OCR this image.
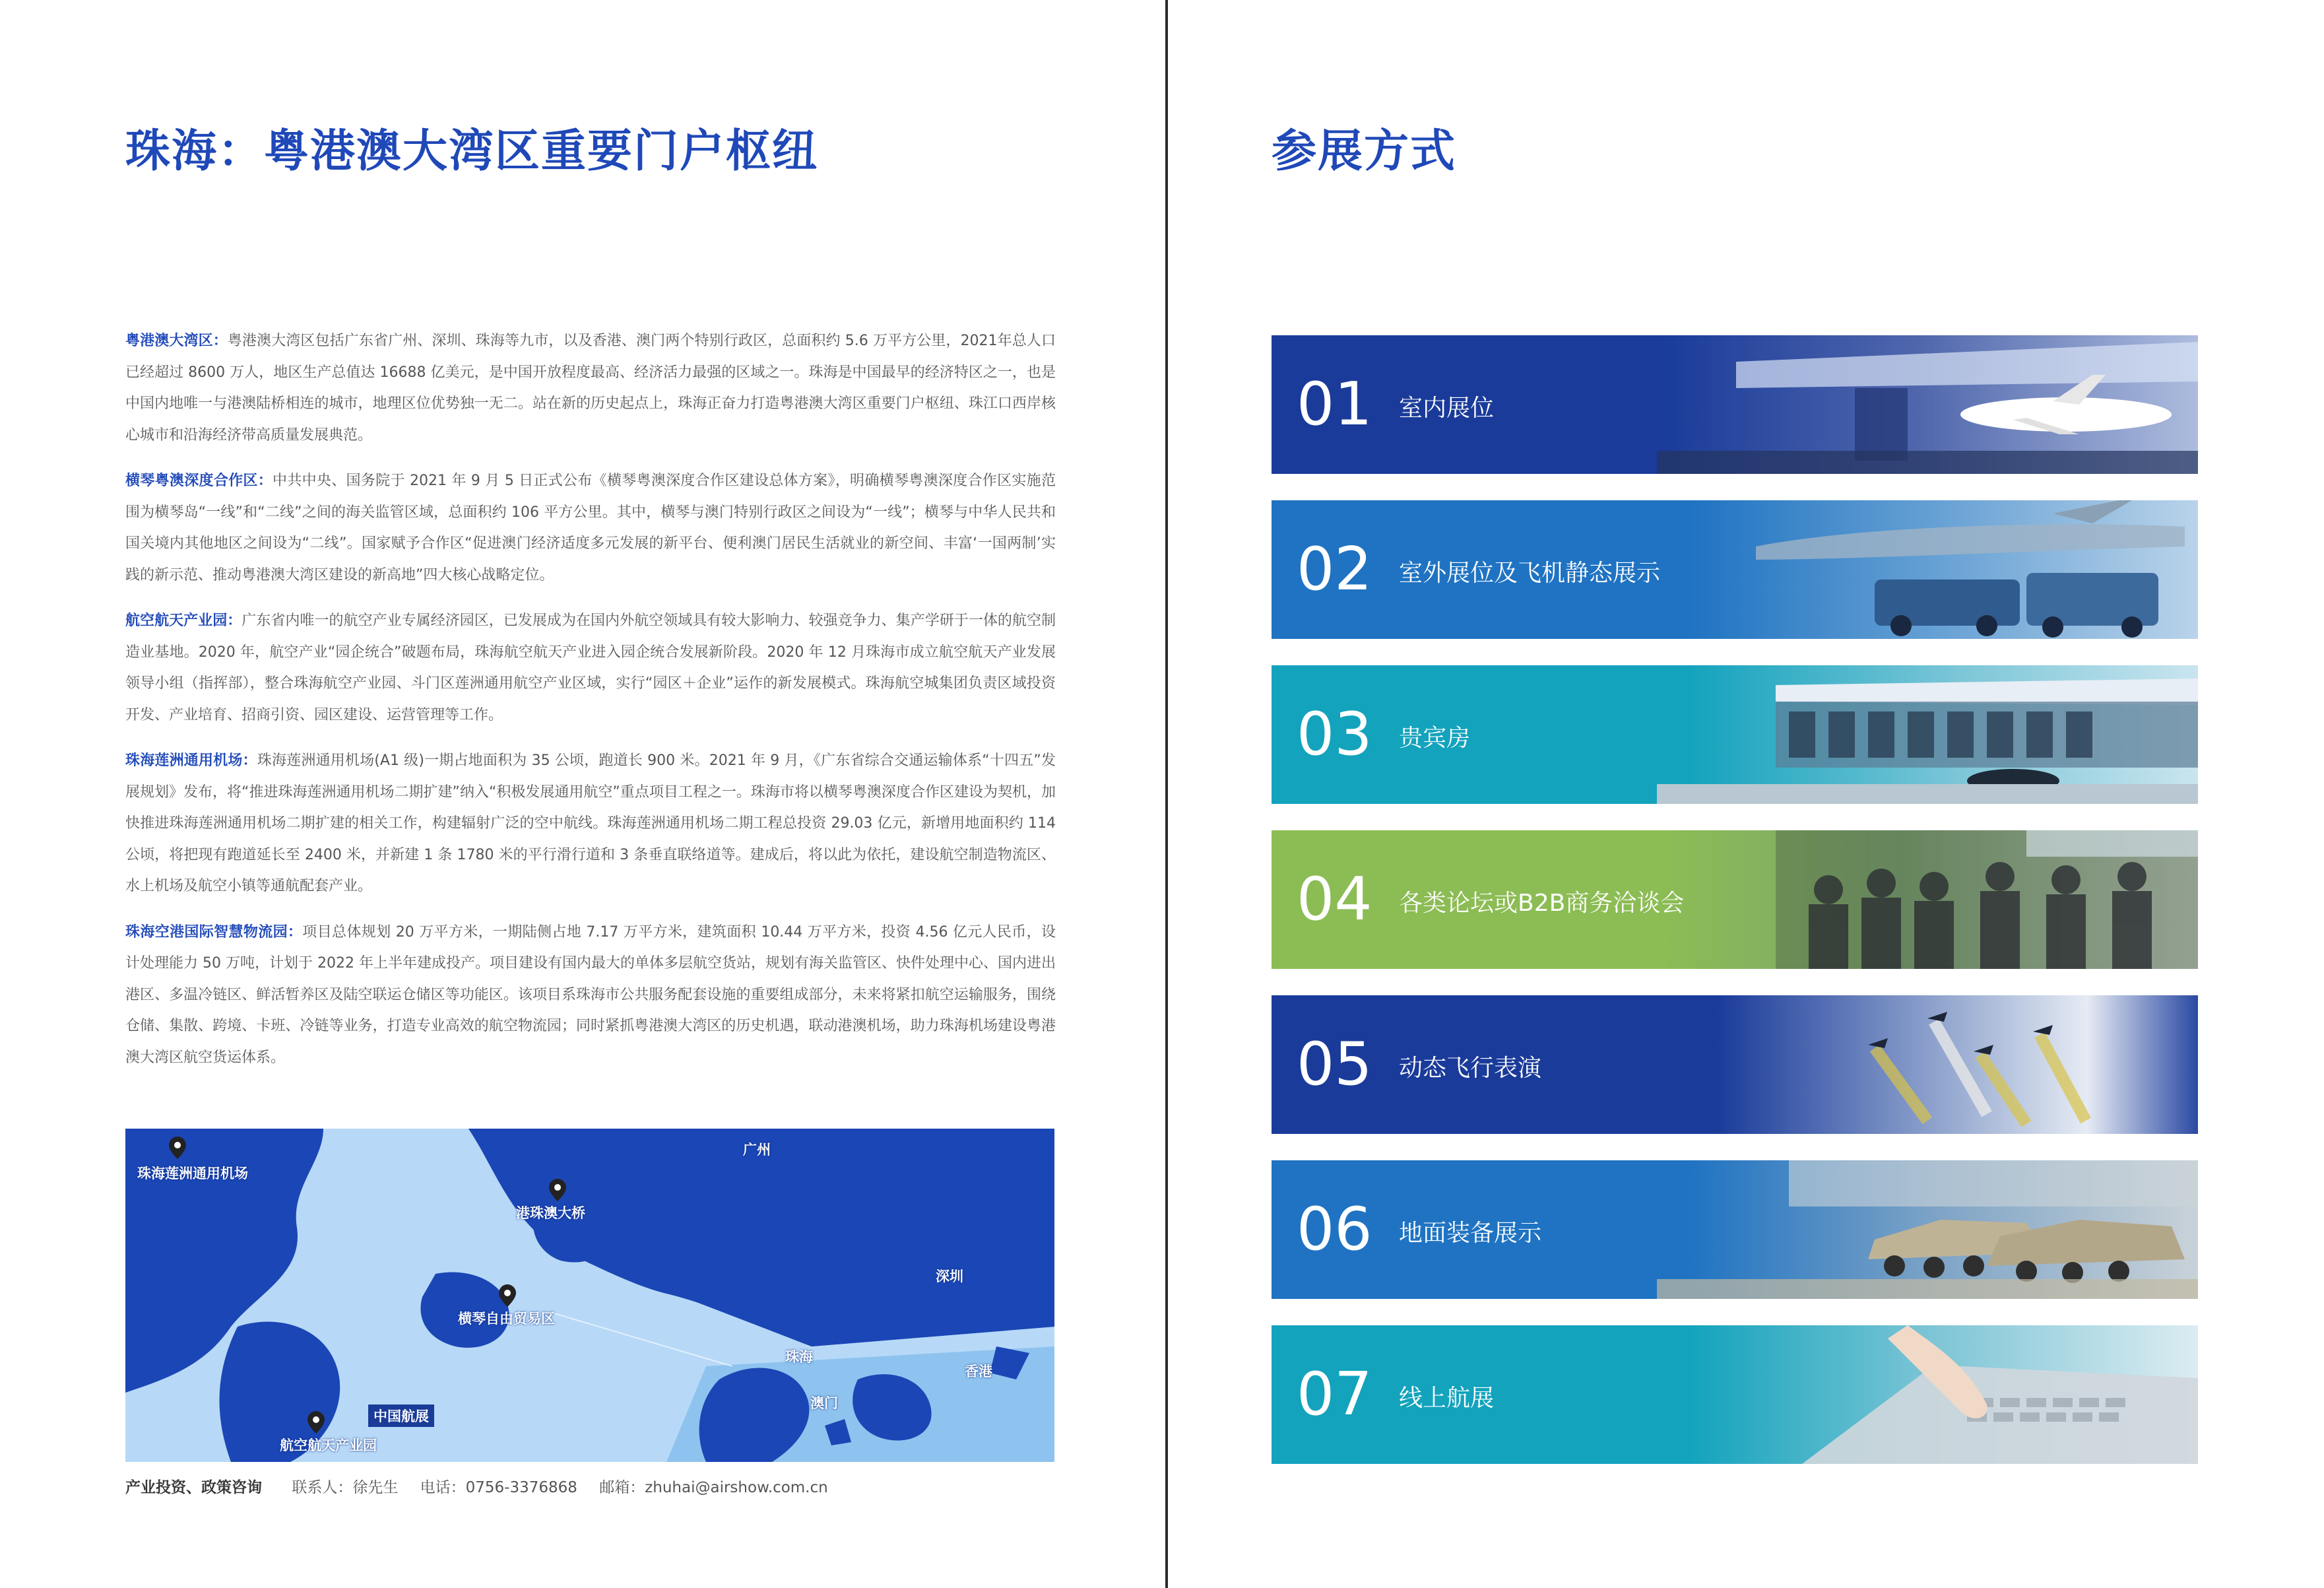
珠海：粤港澳大湾区重要门户枢纽

粤港澳大湾区：粤港澳大湾区包括广东省广州、深圳、珠海等九市，以及香港、澳门两个特别行政区，总面积约 5.6 万平方公里，2021年总人口已经超过 8600 万人，地区生产总值达 16688 亿美元，是中国开放程度最高、经济活力最强的区域之一。珠海是中国最早的经济特区之一，也是中国内地唯一与港澳陆桥相连的城市，地理区位优势独一无二。站在新的历史起点上，珠海正奋力打造粤港澳大湾区重要门户枢纽、珠江口西岸核心城市和沿海经济带高质量发展典范。

横琴粤澳深度合作区：中共中央、国务院于 2021 年 9 月 5 日正式公布《横琴粤澳深度合作区建设总体方案》，明确横琴粤澳深度合作区实施范围为横琴岛“一线”和“二线”之间的海关监管区域，总面积约 106 平方公里。其中，横琴与澳门特别行政区之间设为“一线”；横琴与中华人民共和国关境内其他地区之间设为“二线”。国家赋予合作区“促进澳门经济适度多元发展的新平台、便利澳门居民生活就业的新空间、丰富‘一国两制’实践的新示范、推动粤港澳大湾区建设的新高地”四大核心战略定位。

航空航天产业园：广东省内唯一的航空产业专属经济园区，已发展成为在国内外航空领域具有较大影响力、较强竞争力、集产学研于一体的航空制造业基地。2020 年，航空产业“园企统合”破题布局，珠海航空航天产业进入园企统合发展新阶段。2020 年 12 月珠海市成立航空航天产业发展领导小组（指挥部），整合珠海航空产业园、斗门区莲洲通用航空产业区域，实行“园区＋企业”运作的新发展模式。珠海航空城集团负责区域投资开发、产业培育、招商引资、园区建设、运营管理等工作。

珠海莲洲通用机场：珠海莲洲通用机场(A1 级)一期占地面积为 35 公顷，跑道长 900 米。2021 年 9 月，《广东省综合交通运输体系“十四五”发展规划》发布，将“推进珠海莲洲通用机场二期扩建”纳入“积极发展通用航空”重点项目工程之一。珠海市将以横琴粤澳深度合作区建设为契机，加快推进珠海莲洲通用机场二期扩建的相关工作，构建辐射广泛的空中航线。珠海莲洲通用机场二期工程总投资 29.03 亿元，新增用地面积约 114 公顷，将把现有跑道延长至 2400 米，并新建 1 条 1780 米的平行滑行道和 3 条垂直联络道等。建成后，将以此为依托，建设航空制造物流区、水上机场及航空小镇等通航配套产业。

珠海空港国际智慧物流园：项目总体规划 20 万平方米，一期陆侧占地 7.17 万平方米，建筑面积 10.44 万平方米，投资 4.56 亿元人民币，设计处理能力 50 万吨，计划于 2022 年上半年建成投产。项目建设有国内最大的单体多层航空货站，规划有海关监管区、快件处理中心、国内进出港区、多温冷链区、鲜活暂养区及陆空联运仓储区等功能区。该项目系珠海市公共服务配套设施的重要组成部分，未来将紧扣航空运输服务，围绕仓储、集散、跨境、卡班、冷链等业务，打造专业高效的航空物流园；同时紧抓粤港澳大湾区的历史机遇，联动港澳机场，助力珠海机场建设粤港澳大湾区航空货运体系。

珠海莲洲通用机场
港珠澳大桥
横琴自由贸易区
航空航天产业园
广州
深圳
珠海
澳门
香港
中国航展
产业投资、政策咨询 联系人：徐先生 电话：0756-3376868 邮箱：zhuhai@airshow.com.cn
参展方式
01 室内展位
02 室外展位及飞机静态展示
03 贵宾房
04 各类论坛或B2B商务洽谈会
05 动态飞行表演
06 地面装备展示
07 线上航展
